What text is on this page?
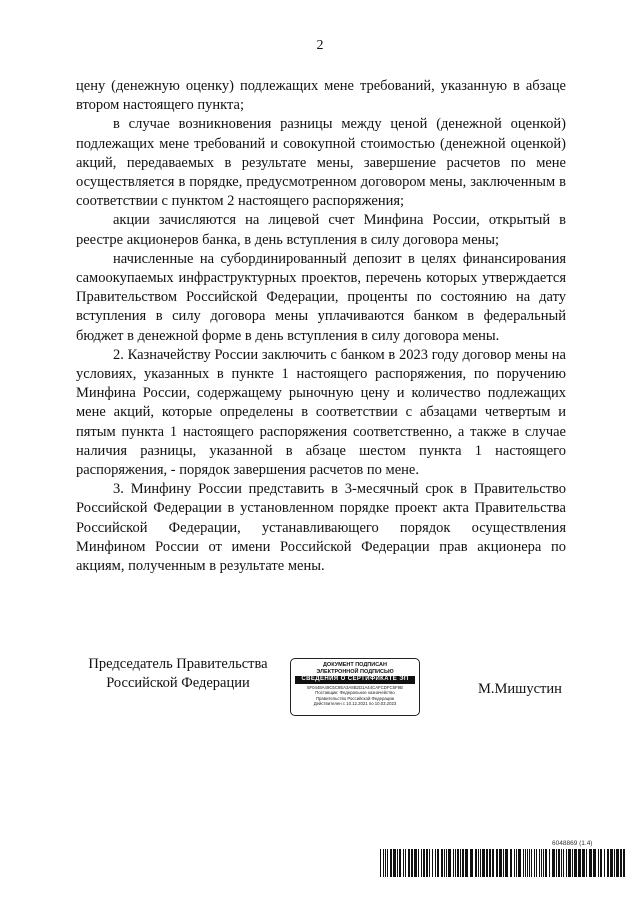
2

цену (денежную оценку) подлежащих мене требований, указанную в абзаце втором настоящего пункта;

в случае возникновения разницы между ценой (денежной оценкой) подлежащих мене требований и совокупной стоимостью (денежной оценкой) акций, передаваемых в результате мены, завершение расчетов по мене осуществляется в порядке, предусмотренном договором мены, заключенным в соответствии с пунктом 2 настоящего распоряжения;

акции зачисляются на лицевой счет Минфина России, открытый в реестре акционеров банка, в день вступления в силу договора мены;

начисленные на субординированный депозит в целях финансирования самоокупаемых инфраструктурных проектов, перечень которых утверждается Правительством Российской Федерации, проценты по состоянию на дату вступления в силу договора мены уплачиваются банком в федеральный бюджет в денежной форме в день вступления в силу договора мены.

2. Казначейству России заключить с банком в 2023 году договор мены на условиях, указанных в пункте 1 настоящего распоряжения, по поручению Минфина России, содержащему рыночную цену и количество подлежащих мене акций, которые определены в соответствии с абзацами четвертым и пятым пункта 1 настоящего распоряжения соответственно, а также в случае наличия разницы, указанной в абзаце шестом пункта 1 настоящего распоряжения, - порядок завершения расчетов по мене.

3. Минфину России представить в 3-месячный срок в Правительство Российской Федерации в установленном порядке проект акта Правительства Российской Федерации, устанавливающего порядок осуществления Минфином России от имени Российской Федерации прав акционера по акциям, полученным в результате мены.

Председатель Правительства
Российской Федерации
ДОКУМЕНТ ПОДПИСАН
ЭЛЕКТРОННОЙ ПОДПИСЬЮ
СВЕДЕНИЯ О СЕРТИФИКАТЕ ЭП
5F0448A49C5C9EA3A8B2D1A44CAFCDFC5F9B
Поставщик: Федеральное казначейство
Правительство Российской Федерации
Действителен с 10.12.2021 по 10.03.2023
М.Мишустин
6048869 (1.4)
